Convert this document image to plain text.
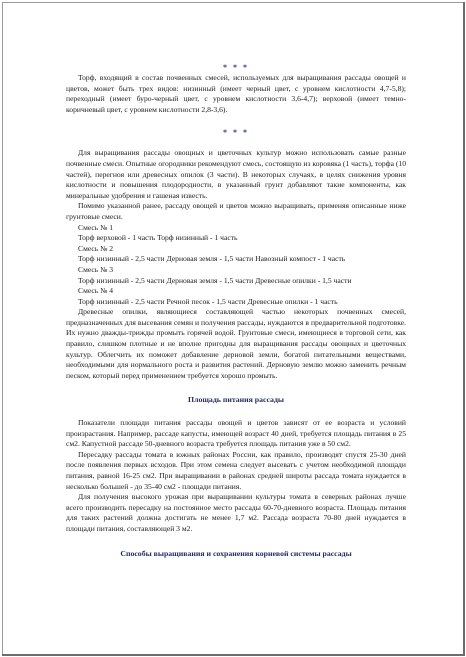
* * *

Торф, входящий в состав почвенных смесей, используемых для выращивания рассады овощей и цветов, может быть трех видов: низинный (имеет черный цвет, с уровнем кислотности 4,7-5,8); переходный (имеет буро-черный цвет, с уровнем кислотности 3,6-4,7); верховой (имеет темно-коричневый цвет, с уровнем кислотности 2,8-3,6).

* * *

Для выращивания рассады овощных и цветочных культур можно использовать самые разные почвенные смеси. Опытные огородники рекомендуют смесь, состоящую из коровяка (1 часть), торфа (10 частей), перегноя или древесных опилок (3 части). В некоторых случаях, в целях снижения уровня кислотности и повышения плодородности, в указанный грунт добавляют такие компоненты, как минеральные удобрения и гашеная известь.

Помимо указанной ранее, рассаду овощей и цветов можно выращивать, применяя описанные ниже грунтовые смеси.

Смесь № 1

Торф верховой - 1 часть Торф низинный - 1 часть

Смесь № 2

Торф низинный - 2,5 части Дерновая земля - 1,5 части Навозный компост - 1 часть

Смесь № 3

Торф низинный - 2,5 части Дерновая земля - 1,5 части Древесные опилки - 1,5 части

Смесь № 4

Торф низинный - 2,5 части Речной песок - 1,5 части Древесные опилки - 1 часть

Древесные опилки, являющиеся составляющей частью некоторых почвенных смесей, предназначенных для высевания семян и получения рассады, нуждаются в предварительной подготовке. Их нужно дважды-трижды промыть горячей водой. Грунтовые смеси, имеющиеся в торговой сети, как правило, слишком плотные и не вполне пригодны для выращивания рассады овощных и цветочных культур. Облегчить их поможет добавление дерновой земли, богатой питательными веществами, необходимыми для нормального роста и развития растений. Дерновую землю можно заменить речным песком, который перед применением требуется хорошо промыть.

Площадь питания рассады

Показатели площади питания рассады овощей и цветов зависят от ее возраста и условий произрастания. Например, рассаде капусты, имеющей возраст 40 дней, требуется площадь питания в 25 см2. Капустной рассаде 50-дневного возраста требуется площадь питания уже в 50 см2.

Пересадку рассады томата в южных районах России, как правило, производят спустя 25-30 дней после появления первых всходов. При этом семена следует высевать с учетом необходимой площади питания, равной 16-25 см2. При выращивании в районах средней широты рассада томата нуждается в несколько большей - до 35-40 см2 - площади питания.

Для получения высокого урожая при выращивании культуры томата в северных районах лучше всего производить пересадку на постоянное место рассады 60-70-дневного возраста. Площадь питания для таких растений должна достигать не менее 1,7 м2. Рассада возраста 70-80 дней нуждается в площади питания, составляющей 3 м2.

Способы выращивания и сохранения корневой системы рассады
